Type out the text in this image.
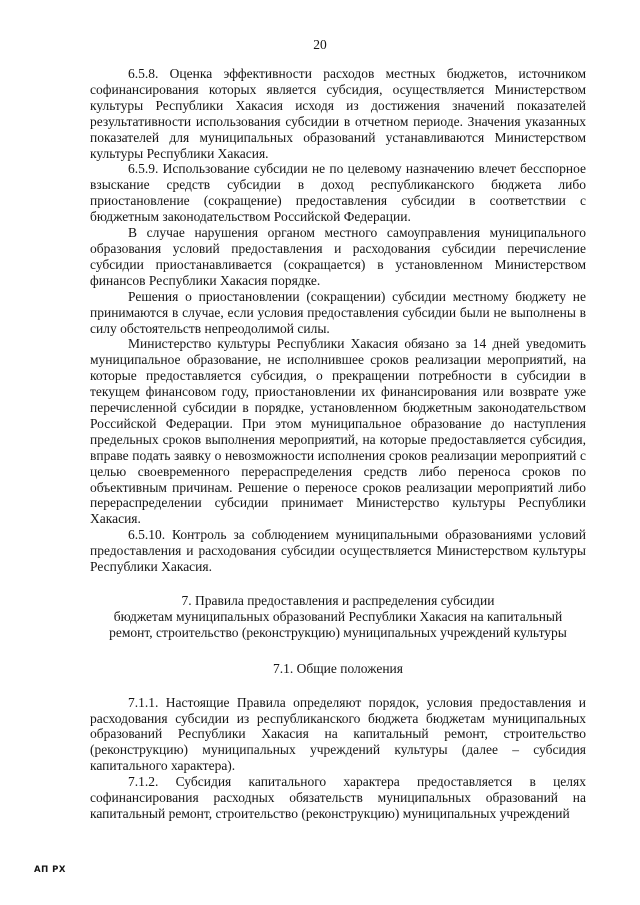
20

6.5.8. Оценка эффективности расходов местных бюджетов, источником софинансирования которых является субсидия, осуществляется Министерством культуры Республики Хакасия исходя из достижения значений показателей результативности использования субсидии в отчетном периоде. Значения указанных показателей для муниципальных образований устанавливаются Министерством культуры Республики Хакасия.

6.5.9. Использование субсидии не по целевому назначению влечет бесспорное взыскание средств субсидии в доход республиканского бюджета либо приостановление (сокращение) предоставления субсидии в соответствии с бюджетным законодательством Российской Федерации.

В случае нарушения органом местного самоуправления муниципального образования условий предоставления и расходования субсидии перечисление субсидии приостанавливается (сокращается) в установленном Министерством финансов Республики Хакасия порядке.

Решения о приостановлении (сокращении) субсидии местному бюджету не принимаются в случае, если условия предоставления субсидии были не выполнены в силу обстоятельств непреодолимой силы.

Министерство культуры Республики Хакасия обязано за 14 дней уведомить муниципальное образование, не исполнившее сроков реализации мероприятий, на которые предоставляется субсидия, о прекращении потребности в субсидии в текущем финансовом году, приостановлении их финансирования или возврате уже перечисленной субсидии в порядке, установленном бюджетным законодательством Российской Федерации. При этом муниципальное образование до наступления предельных сроков выполнения мероприятий, на которые предоставляется субсидия, вправе подать заявку о невозможности исполнения сроков реализации мероприятий с целью своевременного перераспределения средств либо переноса сроков по объективным причинам. Решение о переносе сроков реализации мероприятий либо перераспределении субсидии принимает Министерство культуры Республики Хакасия.

6.5.10. Контроль за соблюдением муниципальными образованиями условий предоставления и расходования субсидии осуществляется Министерством культуры Республики Хакасия.

7. Правила предоставления и распределения субсидии
бюджетам муниципальных образований Республики Хакасия на капитальный
ремонт, строительство (реконструкцию) муниципальных учреждений культуры

7.1. Общие положения

7.1.1. Настоящие Правила определяют порядок, условия предоставления и расходования субсидии из республиканского бюджета бюджетам муниципальных образований Республики Хакасия на капитальный ремонт, строительство (реконструкцию) муниципальных учреждений культуры (далее – субсидия капитального характера).

7.1.2. Субсидия капитального характера предоставляется в целях софинансирования расходных обязательств муниципальных образований на капитальный ремонт, строительство (реконструкцию) муниципальных учреждений

АП РХ
